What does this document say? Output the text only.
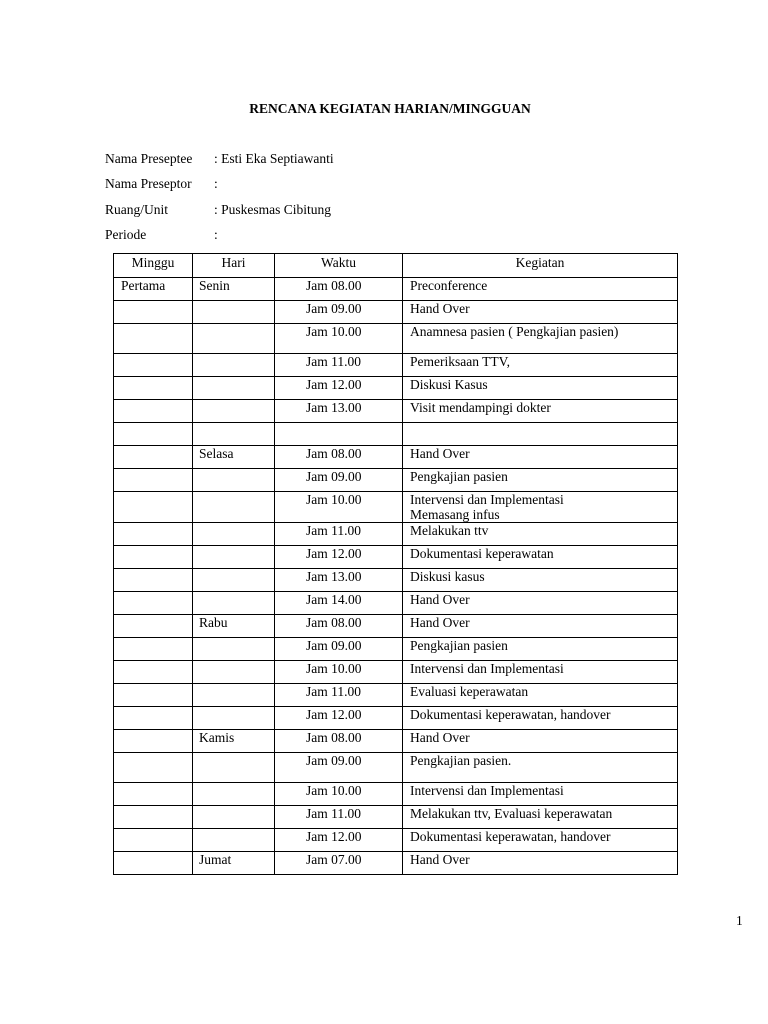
RENCANA KEGIATAN HARIAN/MINGGUAN
Nama Preseptee : Esti Eka Septiawanti
Nama Preseptor :
Ruang/Unit	: Puskesmas Cibitung
Periode	:
Minggu	Hari	Waktu	Kegiatan
Pertama	Senin	Jam 08.00	Preconference
		Jam 09.00	Hand Over
		Jam 10.00	Anamnesa pasien ( Pengkajian pasien)
		Jam 11.00	Pemeriksaan TTV,
		Jam 12.00	Diskusi Kasus
		Jam 13.00	Visit mendampingi dokter

	Selasa	Jam 08.00	Hand Over
		Jam 09.00	Pengkajian pasien
		Jam 10.00	Intervensi dan Implementasi
Memasang infus
		Jam 11.00	Melakukan ttv
		Jam 12.00	Dokumentasi keperawatan
		Jam 13.00	Diskusi kasus
		Jam 14.00	Hand Over
	Rabu	Jam 08.00	Hand Over
		Jam 09.00	Pengkajian pasien
		Jam 10.00	Intervensi dan Implementasi
		Jam 11.00	Evaluasi keperawatan
		Jam 12.00	Dokumentasi keperawatan, handover
	Kamis	Jam 08.00	Hand Over
		Jam 09.00	Pengkajian pasien.
		Jam 10.00	Intervensi dan Implementasi
		Jam 11.00	Melakukan ttv, Evaluasi keperawatan
		Jam 12.00	Dokumentasi keperawatan, handover
	Jumat	Jam 07.00	Hand Over
1
